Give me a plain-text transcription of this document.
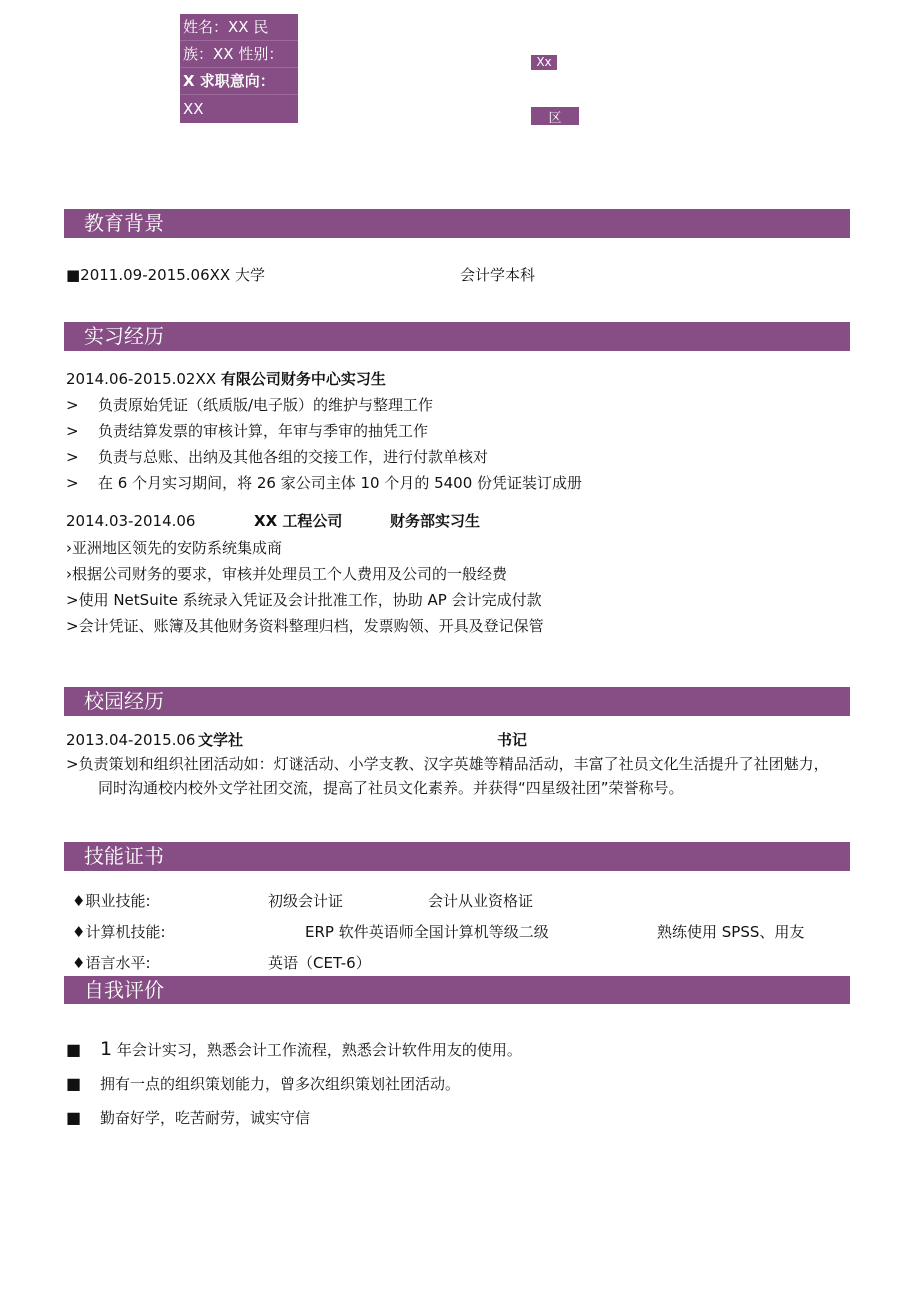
姓名：XX 民
族：XX 性别：
X 求职意向：
XX
Xx
区
教育背景
■2011.09-2015.06XX 大学	会计学本科
实习经历
2014.06-2015.02XX 有限公司财务中心实习生
> 负责原始凭证（纸质版/电子版）的维护与整理工作
> 负责结算发票的审核计算，年审与季审的抽凭工作
> 负责与总账、出纳及其他各组的交接工作，进行付款单核对
> 在 6 个月实习期间，将 26 家公司主体 10 个月的 5400 份凭证装订成册
2014.03-2014.06	XX 工程公司	财务部实习生
›亚洲地区领先的安防系统集成商
›根据公司财务的要求，审核并处理员工个人费用及公司的一般经费
>使用 NetSuite 系统录入凭证及会计批准工作，协助 AP 会计完成付款
>会计凭证、账簿及其他财务资料整理归档，发票购领、开具及登记保管
校园经历
2013.04-2015.06 文学社	书记
>负责策划和组织社团活动如：灯谜活动、小学支教、汉字英雄等精品活动，丰富了社员文化生活提升了社团魅力，
同时沟通校内校外文学社团交流，提高了社员文化素养。并获得“四星级社团”荣誉称号。
技能证书
♦职业技能:	初级会计证	会计从业资格证
♦计算机技能:	ERP 软件英语师全国计算机等级二级	熟练使用 SPSS、用友
♦语言水平:	英语（CET-6）
自我评价
■ 1 年会计实习，熟悉会计工作流程，熟悉会计软件用友的使用。
■ 拥有一点的组织策划能力，曾多次组织策划社团活动。
■ 勤奋好学，吃苦耐劳，诚实守信
